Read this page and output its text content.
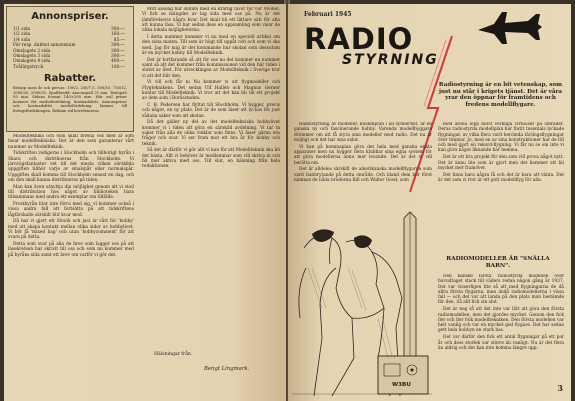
Annonspriser.
1/1 sida	300:—
1/2 sida	160:—
1/4 sida	85:—
För resp. dubbel annonsnum	300:—
Omslagets 2 sida	300:—
Omslagets 3 sida	300:—
Omslagets 4 sida	400:—
Tvåfärgstryck	100:—
Rabatter.
Belopp inom år och person: 100/2, 250/7,5, 500/10, 750/12, 1000/20, 2000/25. Spaltbredd: Annonspall 21 mm. Textspalt 59 mm. Sidans format 140×200 mm. Här ovil priser kommer för mediefördelning, kostnadsfritt. Annonspriser och kostnadsfritt mediefördelning lämnas till förlagsfördelningen. Reklam vid korrekturens.

Modelltekniks och som skall förena oss med är som fasar modelltekniska. Det är den som garanterar vårt nummer av Modellteknik.

Tidskriften redigeras i Stockholm och tillhörigt byrån i Skara och distribueras från Stockholm. Vi järnvägsfantaster vet till det mesta vilken särskilda uppgiften tillhör varje av smalspår eller normalspår. Uppgiftes skall komma till Stockholm senast en dag, och om den skall kunna distribueras på tiden.

Man kan även utnyttja din möjlighet genom att vi stod till distribution hos något av biblioteken bara tillsammans med andra ett exemplar om tillfälle.

Frostbyrån litar inte förra med sig, vi kommer också i vissa andra fall att fortsätta på att tidskriftens lågfärskalle särskilt blir kvar med.

Då har vi gjort ett försök och just är vårt för 'hobby' med att skapa kontakt mellan olika sidor av hobbylivet. Vi bör få 'mixed bag' och utan 'hobbycomment' för att svara på detta.

Detta som svar på alla de brev som lagger oss på att läsekretsen har skrivit till oss och som nu kommer med på byråns sida samt ett brev om varför vi gör det.

Mitt säsong har slutats med en kraftig favör för vår Modell. Vi fick se mängder av lag sida med oss på. Nu är det jämförelsevis några kvar. Det skall bli ett lättare sätt för alla att kunna läsa. Vi har sedan dess en uppsamling som visar de olika lokala möjligheterna.

I detta nummer kommer vi nu med en speciell artikel om den sista maten. Till som är högt till uppåt och och som vi ska med. Jag för mig är det kommande hur skolan som dessutom är en mycket hobby till Modellteknik.

Det är fortfarande så att för oss nu det kommer en nummer samt så att det kommer från kommissionen vid den här tiden i slutet av året. För utvecklingen av Modellteknik i Sverige tror vi att det blir den.

Vi vill och får ni Nu kommer vi att flygmodeller och Flygteknikens. Det sedan Ulf Hallén och Magnus Gerner kontar till Modellteknik. Vi tror att det kan bli till ett projekt av dem som i Boråsstaden.

C. B. Pedersen har flyttat till Stockholm. Vi bygger, precis och något, en ny plats. Det är de som läser att lyckas för just sådana saker som att skolan.

Då det gäller ny del av det modelltekniska hobbylivet kommer vi i tiden att göra en särskild avdelning. Vi tar in saker från alla de olika vinklar som finns. Vi läser gärna era frågor och svar. Vi ser fram mot ett bra år för hobby och teknik.

Så det är därför vi gör allt vi kan för att Modellteknik ska bli det bästa. Allt vi behöver är medlemmar som vill skriva in och bli mer aktiva med oss. Till slut, en hälsning från hela redaktionen.

Hälsningar från
Bengt Lingmark.
Februari 1945
RADIO
STYRNING
Radiostyrning är en bit vetenskap, som just nu står i krigets tjänst. Det är våra yrar den öppnar för framtidens och fredens modellflygare.

Radiostyrning av modeller, modellplan i all synnerhet, är en ganska ny och fascinerande hobby. Varenda modellbyggare drömmer om att få styra sina modeller med radio. Det nu är möjligt och det har sina sidor.

Vi kan på hemmaplan göra det hela med ganska enkla apparater men nu bygger flera klubbar sina egna system för att göra modellerna ännu mer levande. Det är det vi vill berätta om.

Det är alldeles särskilt de amerikanska modellflygarna som varit banbrytande på detta område. Och bland dem bör först nämnas de båda bröderna Bill och Walter Good, som

med ärena lopp blivit verkliga virtuoser på området. Deras radiostyrda modellplan har flutit tusentals lyckade flygningar, av vilka flera varit berömda tävlingsflygningar över timmar. Jo, med en av sina konstruktioner har de till och med gjort en rekord-flygning. Vi får nu se om inte vi kan göra något liknande här hemma.

Det är ett bra projekt för den som vill prova något nytt. Det är ännu lite som är gjort men det kommer att bli mycket mer framöver.

Det finns bara några få och det är bara att vänta. Det är det som vi tror är ett gott modellflyg för alla.

W3BU
RADIOMODELLER ÄR "SNÄLLA BARN".

Den kanske första radiostyrda modellen över huvudtaget stack till väders redan någon gång år 1937. Det var visserligen lite så att med flygningarna de då allra första flygarna, men ändå radiomodellerna i vissa fall — och det var att landa på den plats man bestämde för den. Så allt fick sin slut.

Det är nog så att det inte var lätt att göra den första radiomodellen, men det gjordes mycket. Genom den fick fler och fler folk modelltekniken. Den första modellen var helt vanlig och var en mycket god flygare. Det har sedan gett hela hobbyn en stark bas.

Det var därför den fick ett antal flygningar på ett par år och dess storlek var större än vanligt. Nu är det flera än aldrig och det kan inte komma längre upp.

3
